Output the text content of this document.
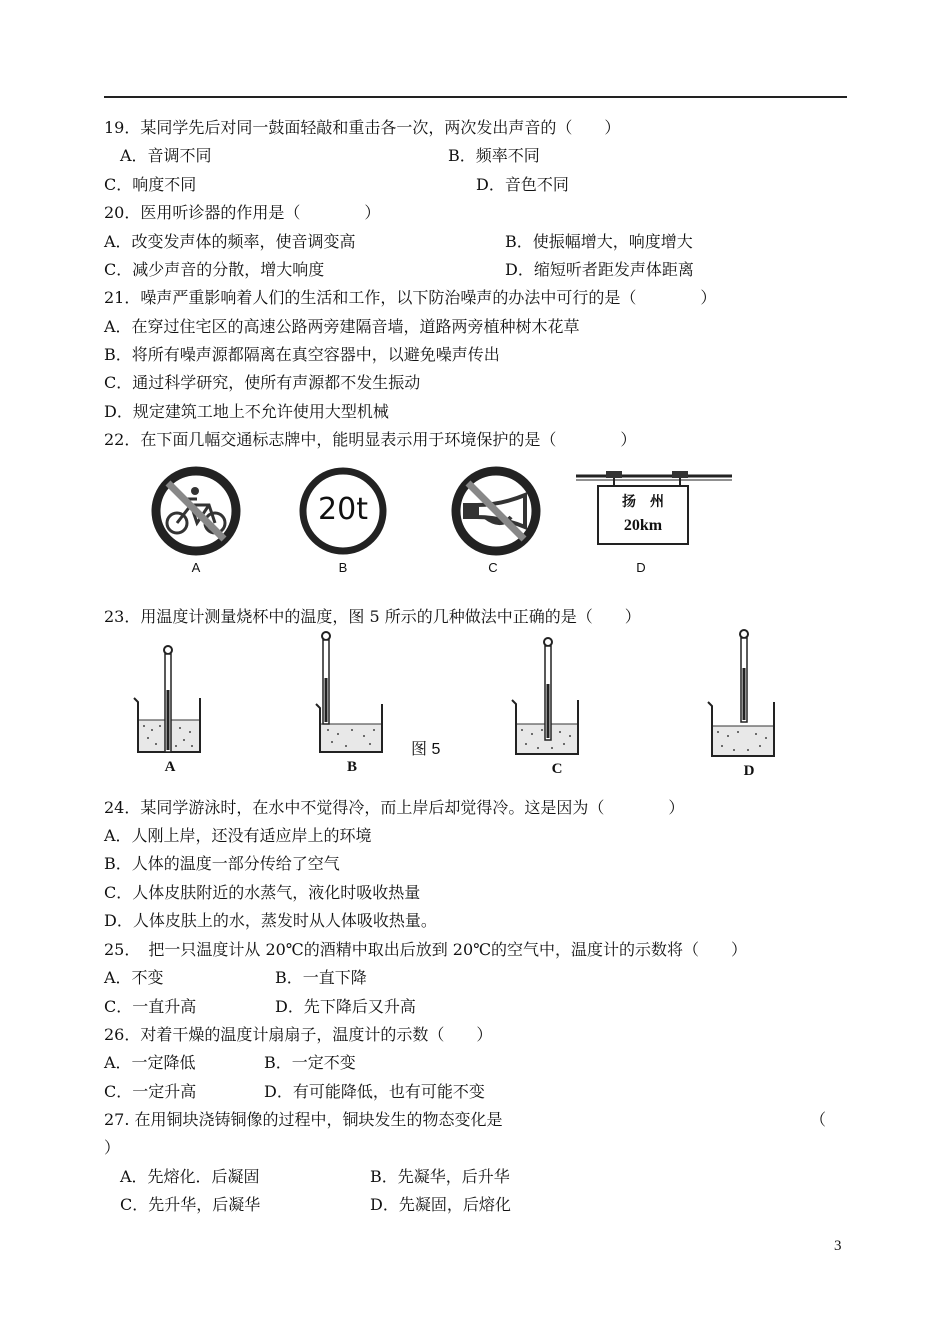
19．某同学先后对同一鼓面轻敲和重击各一次，两次发出声音的（　　）
A．音调不同	B．频率不同
C．响度不同	D．音色不同
20．医用听诊器的作用是（　　　　）
A．改变发声体的频率，使音调变高	B．使振幅增大，响度增大
C．减少声音的分散，增大响度	D．缩短听者距发声体距离
21．噪声严重影响着人们的生活和工作，以下防治噪声的办法中可行的是（　　　　）
A．在穿过住宅区的高速公路两旁建隔音墙，道路两旁植种树木花草
B．将所有噪声源都隔离在真空容器中，以避免噪声传出
C．通过科学研究，使所有声源都不发生振动
D．规定建筑工地上不允许使用大型机械
22．在下面几幅交通标志牌中，能明显表示用于环境保护的是（　　　　）
A
20t
B	C
扬　州
20km
D
23．用温度计测量烧杯中的温度，图 5 所示的几种做法中正确的是（　　）
A	B
图 5
C	D
24．某同学游泳时，在水中不觉得冷，而上岸后却觉得冷。这是因为（　　　　）
A．人刚上岸，还没有适应岸上的环境
B．人体的温度一部分传给了空气
C．人体皮肤附近的水蒸气，液化时吸收热量
D．人体皮肤上的水，蒸发时从人体吸收热量。
25．　把一只温度计从 20℃的酒精中取出后放到 20℃的空气中，温度计的示数将（　　）
A．不变	B．一直下降
C．一直升高	D．先下降后又升高
26．对着干燥的温度计扇扇子，温度计的示数（　　）
A．一定降低	B．一定不变
C．一定升高	D．有可能降低，也有可能不变
27. 在用铜块浇铸铜像的过程中，铜块发生的物态变化是	（
）
A．先熔化．后凝固	B．先凝华，后升华
C．先升华，后凝华	D．先凝固，后熔化
3
